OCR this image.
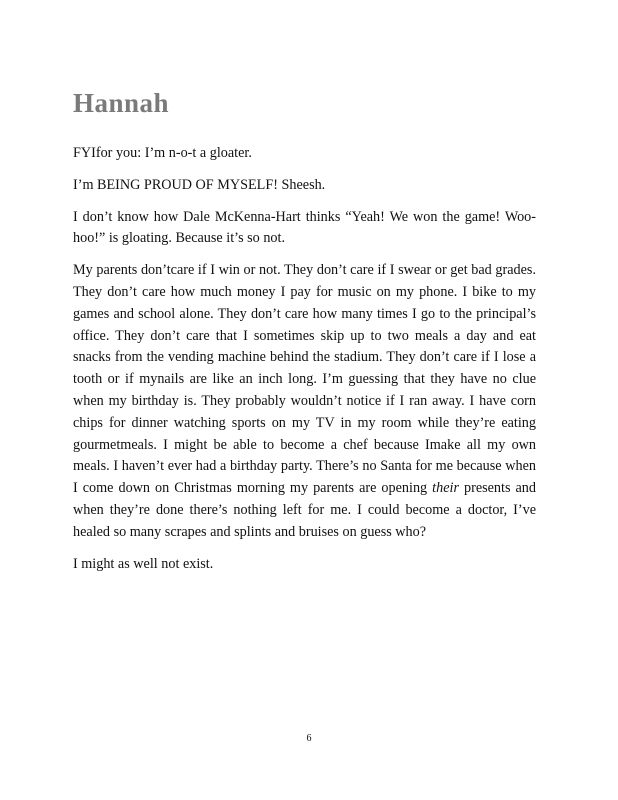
Hannah

FYIfor you: I’m n-o-t a gloater.

I’m BEING PROUD OF MYSELF! Sheesh.

I don’t know how Dale McKenna-Hart thinks “Yeah! We won the game! Woo-hoo!” is gloating. Because it’s so not.

My parents don’tcare if I win or not. They don’t care if I swear or get bad grades. They don’t care how much money I pay for music on my phone. I bike to my games and school alone. They don’t care how many times I go to the principal’s office. They don’t care that I sometimes skip up to two meals a day and eat snacks from the vending machine behind the stadium. They don’t care if I lose a tooth or if mynails are like an inch long. I’m guessing that they have no clue when my birthday is. They probably wouldn’t notice if I ran away. I have corn chips for dinner watching sports on my TV in my room while they’re eating gourmetmeals. I might be able to become a chef because Imake all my own meals. I haven’t ever had a birthday party. There’s no Santa for me because when I come down on Christmas morning my parents are opening their presents and when they’re done there’s nothing left for me. I could become a doctor, I’ve healed so many scrapes and splints and bruises on guess who?

I might as well not exist.

6
